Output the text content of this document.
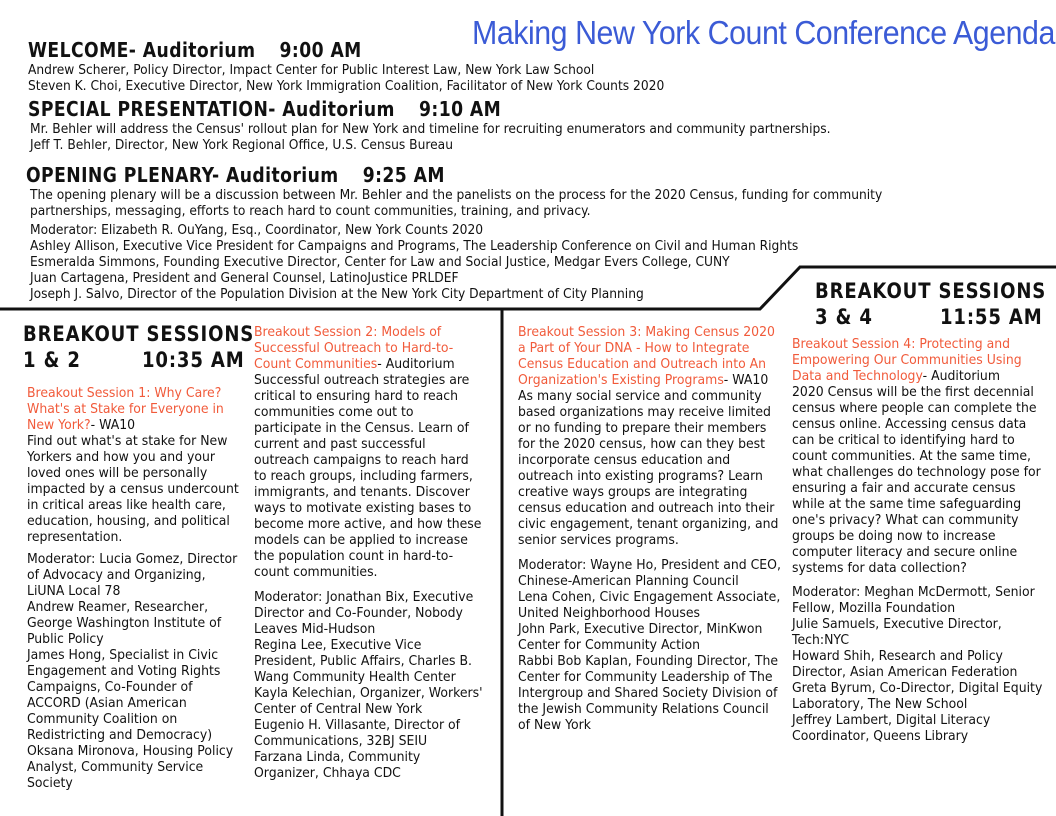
Making New York Count Conference Agenda
WELCOME- Auditorium 9:00 AM
Andrew Scherer, Policy Director, Impact Center for Public Interest Law, New York Law School
Steven K. Choi, Executive Director, New York Immigration Coalition, Facilitator of New York Counts 2020
SPECIAL PRESENTATION- Auditorium 9:10 AM
Mr. Behler will address the Census' rollout plan for New York and timeline for recruiting enumerators and community partnerships.
Jeff T. Behler, Director, New York Regional Office, U.S. Census Bureau
OPENING PLENARY- Auditorium 9:25 AM
The opening plenary will be a discussion between Mr. Behler and the panelists on the process for the 2020 Census, funding for community partnerships, messaging, efforts to reach hard to count communities, training, and privacy.
Moderator: Elizabeth R. OuYang, Esq., Coordinator, New York Counts 2020
Ashley Allison, Executive Vice President for Campaigns and Programs, The Leadership Conference on Civil and Human Rights
Esmeralda Simmons, Founding Executive Director, Center for Law and Social Justice, Medgar Evers College, CUNY
Juan Cartagena, President and General Counsel, LatinoJustice PRLDEF
Joseph J. Salvo, Director of the Population Division at the New York City Department of City Planning
BREAKOUT SESSIONS
1 & 2	10:35 AM
BREAKOUT SESSIONS
3 & 4	11:55 AM

Breakout Session 1: Why Care? What's at Stake for Everyone in New York?- WA10

Find out what's at stake for New Yorkers and how you and your loved ones will be personally impacted by a census undercount in critical areas like health care, education, housing, and political representation.

Moderator: Lucia Gomez, Director of Advocacy and Organizing, LiUNA Local 78

Andrew Reamer, Researcher, George Washington Institute of Public Policy

James Hong, Specialist in Civic Engagement and Voting Rights Campaigns, Co-Founder of ACCORD (Asian American Community Coalition on Redistricting and Democracy)

Oksana Mironova, Housing Policy Analyst, Community Service Society

Breakout Session 2: Models of Successful Outreach to Hard-to-Count Communities- Auditorium

Successful outreach strategies are critical to ensuring hard to reach communities come out to participate in the Census. Learn of current and past successful outreach campaigns to reach hard to reach groups, including farmers, immigrants, and tenants. Discover ways to motivate existing bases to become more active, and how these models can be applied to increase the population count in hard-to-count communities.

Moderator: Jonathan Bix, Executive Director and Co-Founder, Nobody Leaves Mid-Hudson

Regina Lee, Executive Vice President, Public Affairs, Charles B. Wang Community Health Center

Kayla Kelechian, Organizer, Workers' Center of Central New York

Eugenio H. Villasante, Director of Communications, 32BJ SEIU

Farzana Linda, Community Organizer, Chhaya CDC

Breakout Session 3: Making Census 2020 a Part of Your DNA - How to Integrate Census Education and Outreach into An Organization's Existing Programs- WA10

As many social service and community based organizations may receive limited or no funding to prepare their members for the 2020 census, how can they best incorporate census education and outreach into existing programs? Learn creative ways groups are integrating census education and outreach into their civic engagement, tenant organizing, and senior services programs.

Moderator: Wayne Ho, President and CEO, Chinese-American Planning Council

Lena Cohen, Civic Engagement Associate, United Neighborhood Houses

John Park, Executive Director, MinKwon Center for Community Action

Rabbi Bob Kaplan, Founding Director, The Center for Community Leadership of The Intergroup and Shared Society Division of the Jewish Community Relations Council of New York

Breakout Session 4: Protecting and Empowering Our Communities Using Data and Technology- Auditorium

2020 Census will be the first decennial census where people can complete the census online. Accessing census data can be critical to identifying hard to count communities. At the same time, what challenges do technology pose for ensuring a fair and accurate census while at the same time safeguarding one's privacy? What can community groups be doing now to increase computer literacy and secure online systems for data collection?

Moderator: Meghan McDermott, Senior Fellow, Mozilla Foundation

Julie Samuels, Executive Director, Tech:NYC

Howard Shih, Research and Policy Director, Asian American Federation

Greta Byrum, Co-Director, Digital Equity Laboratory, The New School

Jeffrey Lambert, Digital Literacy Coordinator, Queens Library
